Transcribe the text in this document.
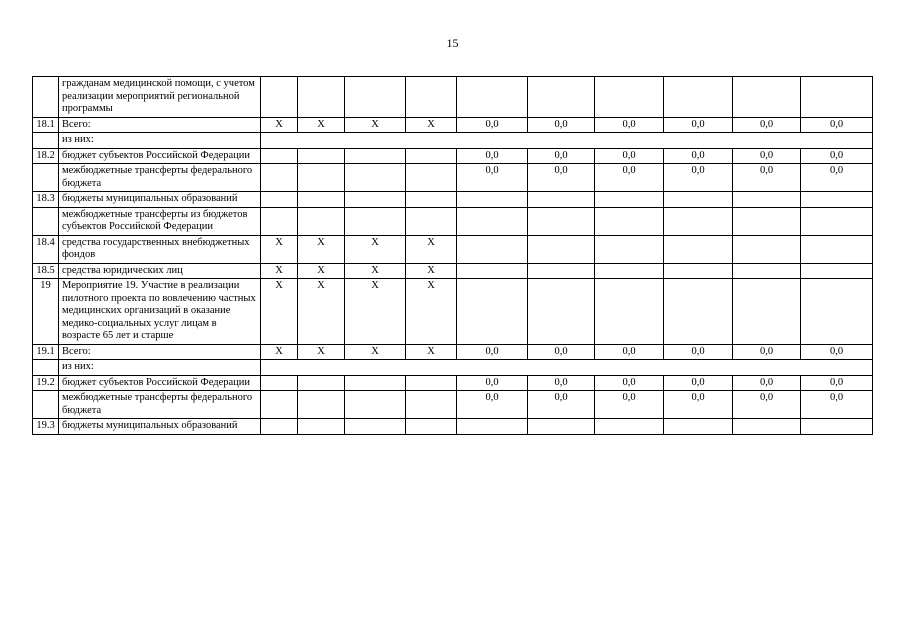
15
	гражданам медицинской помощи, с учетом реализации мероприятий региональной программы										
18.1	Всего:	Х	Х	Х	Х	0,0	0,0	0,0	0,0	0,0	0,0
	из них:										
18.2	бюджет субъектов Российской Федерации					0,0	0,0	0,0	0,0	0,0	0,0
	межбюджетные трансферты федерального бюджета					0,0	0,0	0,0	0,0	0,0	0,0
18.3	бюджеты муниципальных образований										
	межбюджетные трансферты из бюджетов субъектов Российской Федерации										
18.4	средства государственных внебюджетных фондов	Х	Х	Х	Х						
18.5	средства юридических лиц	Х	Х	Х	Х						
19	Мероприятие 19. Участие в реализации пилотного проекта по вовлечению частных медицинских организаций в оказание медико-социальных услуг лицам в возрасте 65 лет и старше	Х	Х	Х	Х						
19.1	Всего:	Х	Х	Х	Х	0,0	0,0	0,0	0,0	0,0	0,0
	из них:										
19.2	бюджет субъектов Российской Федерации					0,0	0,0	0,0	0,0	0,0	0,0
	межбюджетные трансферты федерального бюджета					0,0	0,0	0,0	0,0	0,0	0,0
19.3	бюджеты муниципальных образований										
